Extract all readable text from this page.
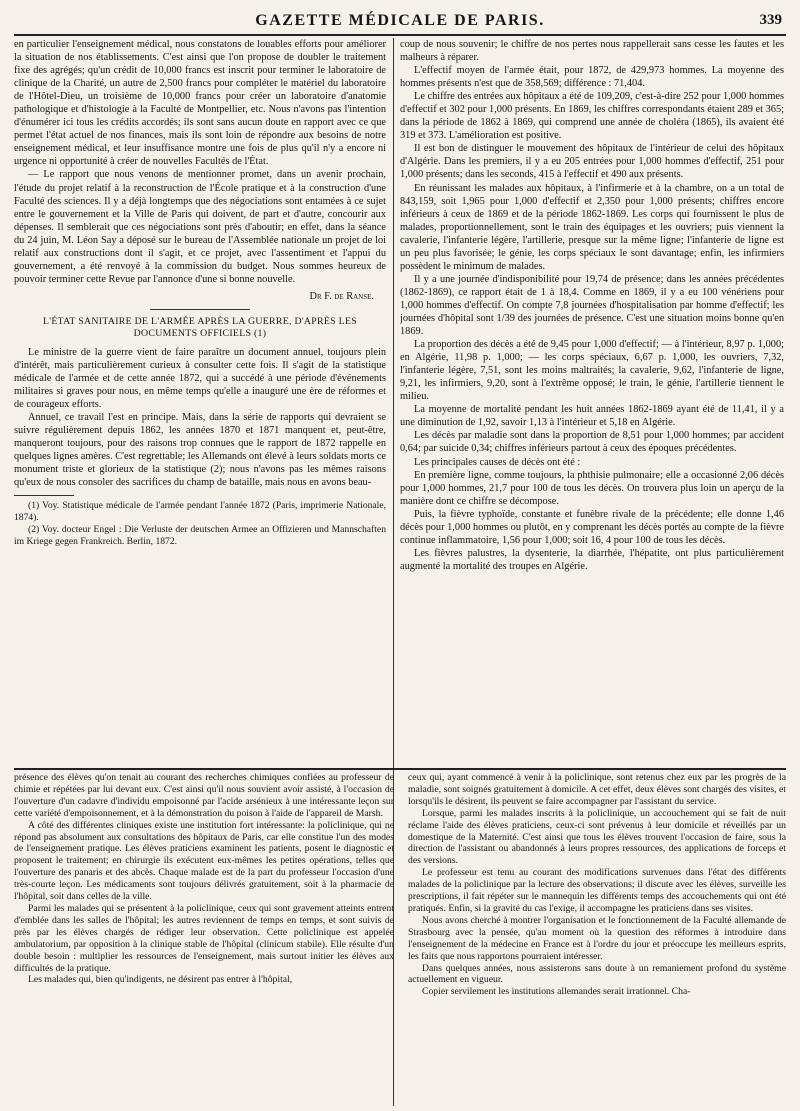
GAZETTE MÉDICALE DE PARIS.	339

en particulier l'enseignement médical, nous constatons de louables efforts pour améliorer la situation de nos établissements. C'est ainsi que l'on propose de doubler le traitement fixe des agrégés; qu'un crédit de 10,000 francs est inscrit pour terminer le laboratoire de clinique de la Charité, un autre de 2,500 francs pour compléter le matériel du laboratoire de l'Hôtel-Dieu, un troisième de 10,000 francs pour créer un laboratoire d'anatomie pathologique et d'histologie à la Faculté de Montpellier, etc. Nous n'avons pas l'intention d'énumérer ici tous les crédits accordés; ils sont sans aucun doute en rapport avec ce que permet l'état actuel de nos finances, mais ils sont loin de répondre aux besoins de notre enseignement médical, et leur insuffisance montre une fois de plus qu'il n'y a encore ni urgence ni opportunité à créer de nouvelles Facultés de l'État.

— Le rapport que nous venons de mentionner promet, dans un avenir prochain, l'étude du projet relatif à la reconstruction de l'École pratique et à la construction d'une Faculté des sciences. Il y a déjà longtemps que des négociations sont entamées à ce sujet entre le gouvernement et la Ville de Paris qui doivent, de part et d'autre, concourir aux dépenses. Il semblerait que ces négociations sont près d'aboutir; en effet, dans la séance du 24 juin, M. Léon Say a déposé sur le bureau de l'Assemblée nationale un projet de loi relatif aux constructions dont il s'agit, et ce projet, avec l'assentiment et l'appui du gouvernement, a été renvoyé à la commission du budget. Nous sommes heureux de pouvoir terminer cette Revue par l'annonce d'une si bonne nouvelle.

Dr F. de Ranse.

L'ÉTAT SANITAIRE DE L'ARMÉE APRÈS LA GUERRE, D'APRÈS LES DOCUMENTS OFFICIELS (1)

Le ministre de la guerre vient de faire paraître un document annuel, toujours plein d'intérêt, mais particulièrement curieux à consulter cette fois. Il s'agit de la statistique médicale de l'armée et de cette année 1872, qui a succédé à une période d'événements militaires si graves pour nous, en même temps qu'elle a inauguré une ère de réformes et de courageux efforts.

Annuel, ce travail l'est en principe. Mais, dans la série de rapports qui devraient se suivre régulièrement depuis 1862, les années 1870 et 1871 manquent et, peut-être, manqueront toujours, pour des raisons trop connues que le rapport de 1872 rappelle en quelques lignes amères. C'est regrettable; les Allemands ont élevé à leurs soldats morts ce monument triste et glorieux de la statistique (2); nous n'avons pas les mêmes raisons qu'eux de nous consoler des sacrifices du champ de bataille, mais nous en avons beau-

(1) Voy. Statistique médicale de l'armée pendant l'année 1872 (Paris, imprimerie Nationale, 1874).

(2) Voy. docteur Engel : Die Verluste der deutschen Armee an Offizieren und Mannschaften im Kriege gegen Frankreich. Berlin, 1872.

coup de nous souvenir; le chiffre de nos pertes nous rappellerait sans cesse les fautes et les malheurs à réparer.

L'effectif moyen de l'armée était, pour 1872, de 429,973 hommes. La moyenne des hommes présents n'est que de 358,569; différence : 71,404.

Le chiffre des entrées aux hôpitaux a été de 109,209, c'est-à-dire 252 pour 1,000 hommes d'effectif et 302 pour 1,000 présents. En 1869, les chiffres correspondants étaient 289 et 365; dans la période de 1862 à 1869, qui comprend une année de choléra (1865), ils avaient été 319 et 373. L'amélioration est positive.

Il est bon de distinguer le mouvement des hôpitaux de l'intérieur de celui des hôpitaux d'Algérie. Dans les premiers, il y a eu 205 entrées pour 1,000 hommes d'effectif, 251 pour 1,000 présents; dans les seconds, 415 à l'effectif et 490 aux présents.

En réunissant les malades aux hôpitaux, à l'infirmerie et à la chambre, on a un total de 843,159, soit 1,965 pour 1,000 d'effectif et 2,350 pour 1,000 présents; chiffres encore inférieurs à ceux de 1869 et de la période 1862-1869. Les corps qui fournissent le plus de malades, proportionnellement, sont le train des équipages et les ouvriers; puis viennent la cavalerie, l'infanterie légère, l'artillerie, presque sur la même ligne; l'infanterie de ligne est un peu plus favorisée; le génie, les corps spéciaux le sont davantage; enfin, les infirmiers possèdent le minimum de malades.

Il y a une journée d'indisponibilité pour 19,74 de présence; dans les années précédentes (1862-1869), ce rapport était de 1 à 18,4. Comme en 1869, il y a eu 100 vénériens pour 1,000 hommes d'effectif. On compte 7,8 journées d'hospitalisation par homme d'effectif; les journées d'hôpital sont 1/39 des journées de présence. C'est une situation moins bonne qu'en 1869.

La proportion des décès a été de 9,45 pour 1,000 d'effectif; — à l'intérieur, 8,97 p. 1,000; en Algérie, 11,98 p. 1,000; — les corps spéciaux, 6,67 p. 1,000, les ouvriers, 7,32, l'infanterie légère, 7,51, sont les moins maltraités; la cavalerie, 9,62, l'infanterie de ligne, 9,21, les infirmiers, 9,20, sont à l'extrême opposé; le train, le génie, l'artillerie tiennent le milieu.

La moyenne de mortalité pendant les huit années 1862-1869 ayant été de 11,41, il y a une diminution de 1,92, savoir 1,13 à l'intérieur et 5,18 en Algérie.

Les décès par maladie sont dans la proportion de 8,51 pour 1,000 hommes; par accident 0,64; par suicide 0,34; chiffres inférieurs partout à ceux des époques précédentes.

Les principales causes de décès ont été :

En première ligne, comme toujours, la phthisie pulmonaire; elle a occasionné 2,06 décès pour 1,000 hommes, 21,7 pour 100 de tous les décès. On trouvera plus loin un aperçu de la manière dont ce chiffre se décompose.

Puis, la fièvre typhoïde, constante et funèbre rivale de la précédente; elle donne 1,46 décès pour 1,000 hommes ou plutôt, en y comprenant les décès portés au compte de la fièvre continue inflammatoire, 1,56 pour 1,000; soit 16, 4 pour 100 de tous les décès.

Les fièvres palustres, la dysenterie, la diarrhée, l'hépatite, ont plus particulièrement augmenté la mortalité des troupes en Algérie.

présence des élèves qu'on tenait au courant des recherches chimiques confiées au professeur de chimie et répétées par lui devant eux. C'est ainsi qu'il nous souvient avoir assisté, à l'occasion de l'ouverture d'un cadavre d'individu empoisonné par l'acide arsénieux à une intéressante leçon sur cette variété d'empoisonnement, et à la démonstration du poison à l'aide de l'appareil de Marsh.

A côté des différentes cliniques existe une institution fort intéressante: la policlinique, qui ne répond pas absolument aux consultations des hôpitaux de Paris, car elle constitue l'un des modes de l'enseignement pratique. Les élèves praticiens examinent les patients, posent le diagnostic et proposent le traitement; en chirurgie ils exécutent eux-mêmes les petites opérations, telles que l'ouverture des panaris et des abcès. Chaque malade est de la part du professeur l'occasion d'une très-courte leçon. Les médicaments sont toujours délivrés gratuitement, soit à la pharmacie de l'hôpital, soit dans celles de la ville.

Parmi les malades qui se présentent à la policlinique, ceux qui sont gravement atteints entrent d'emblée dans les salles de l'hôpital; les autres reviennent de temps en temps, et sont suivis de près par les élèves chargés de rédiger leur observation. Cette policlinique est appelée ambulatorium, par opposition à la clinique stable de l'hôpital (clinicum stabile). Elle résulte d'un double besoin : multiplier les ressources de l'enseignement, mais surtout initier les élèves aux difficultés de la pratique.

Les malades qui, bien qu'indigents, ne désirent pas entrer à l'hôpital,

ceux qui, ayant commencé à venir à la policlinique, sont retenus chez eux par les progrès de la maladie, sont soignés gratuitement à domicile. A cet effet, deux élèves sont chargés des visites, et lorsqu'ils le désirent, ils peuvent se faire accompagner par l'assistant du service.

Lorsque, parmi les malades inscrits à la policlinique, un accouchement qui se fait de nuit réclame l'aide des élèves praticiens, ceux-ci sont prévenus à leur domicile et réveillés par un domestique de la Maternité. C'est ainsi que tous les élèves trouvent l'occasion de faire, sous la direction de l'assistant ou abandonnés à leurs propres ressources, des applications de forceps et des versions.

Le professeur est tenu au courant des modifications survenues dans l'état des différents malades de la policlinique par la lecture des observations; il discute avec les élèves, surveille les prescriptions, il fait répéter sur le mannequin les différents temps des accouchements qui ont été pratiqués. Enfin, si la gravité du cas l'exige, il accompagne les praticiens dans ses visites.

Nous avons cherché à montrer l'organisation et le fonctionnement de la Faculté allemande de Strasbourg avec la pensée, qu'au moment où la question des réformes à introduire dans l'enseignement de la médecine en France est à l'ordre du jour et préoccupe les meilleurs esprits, les faits que nous rapportons pourraient intéresser.

Dans quelques années, nous assisterons sans doute à un remaniement profond du système actuellement en vigueur.

Copier servilement les institutions allemandes serait irrationnel. Cha-
